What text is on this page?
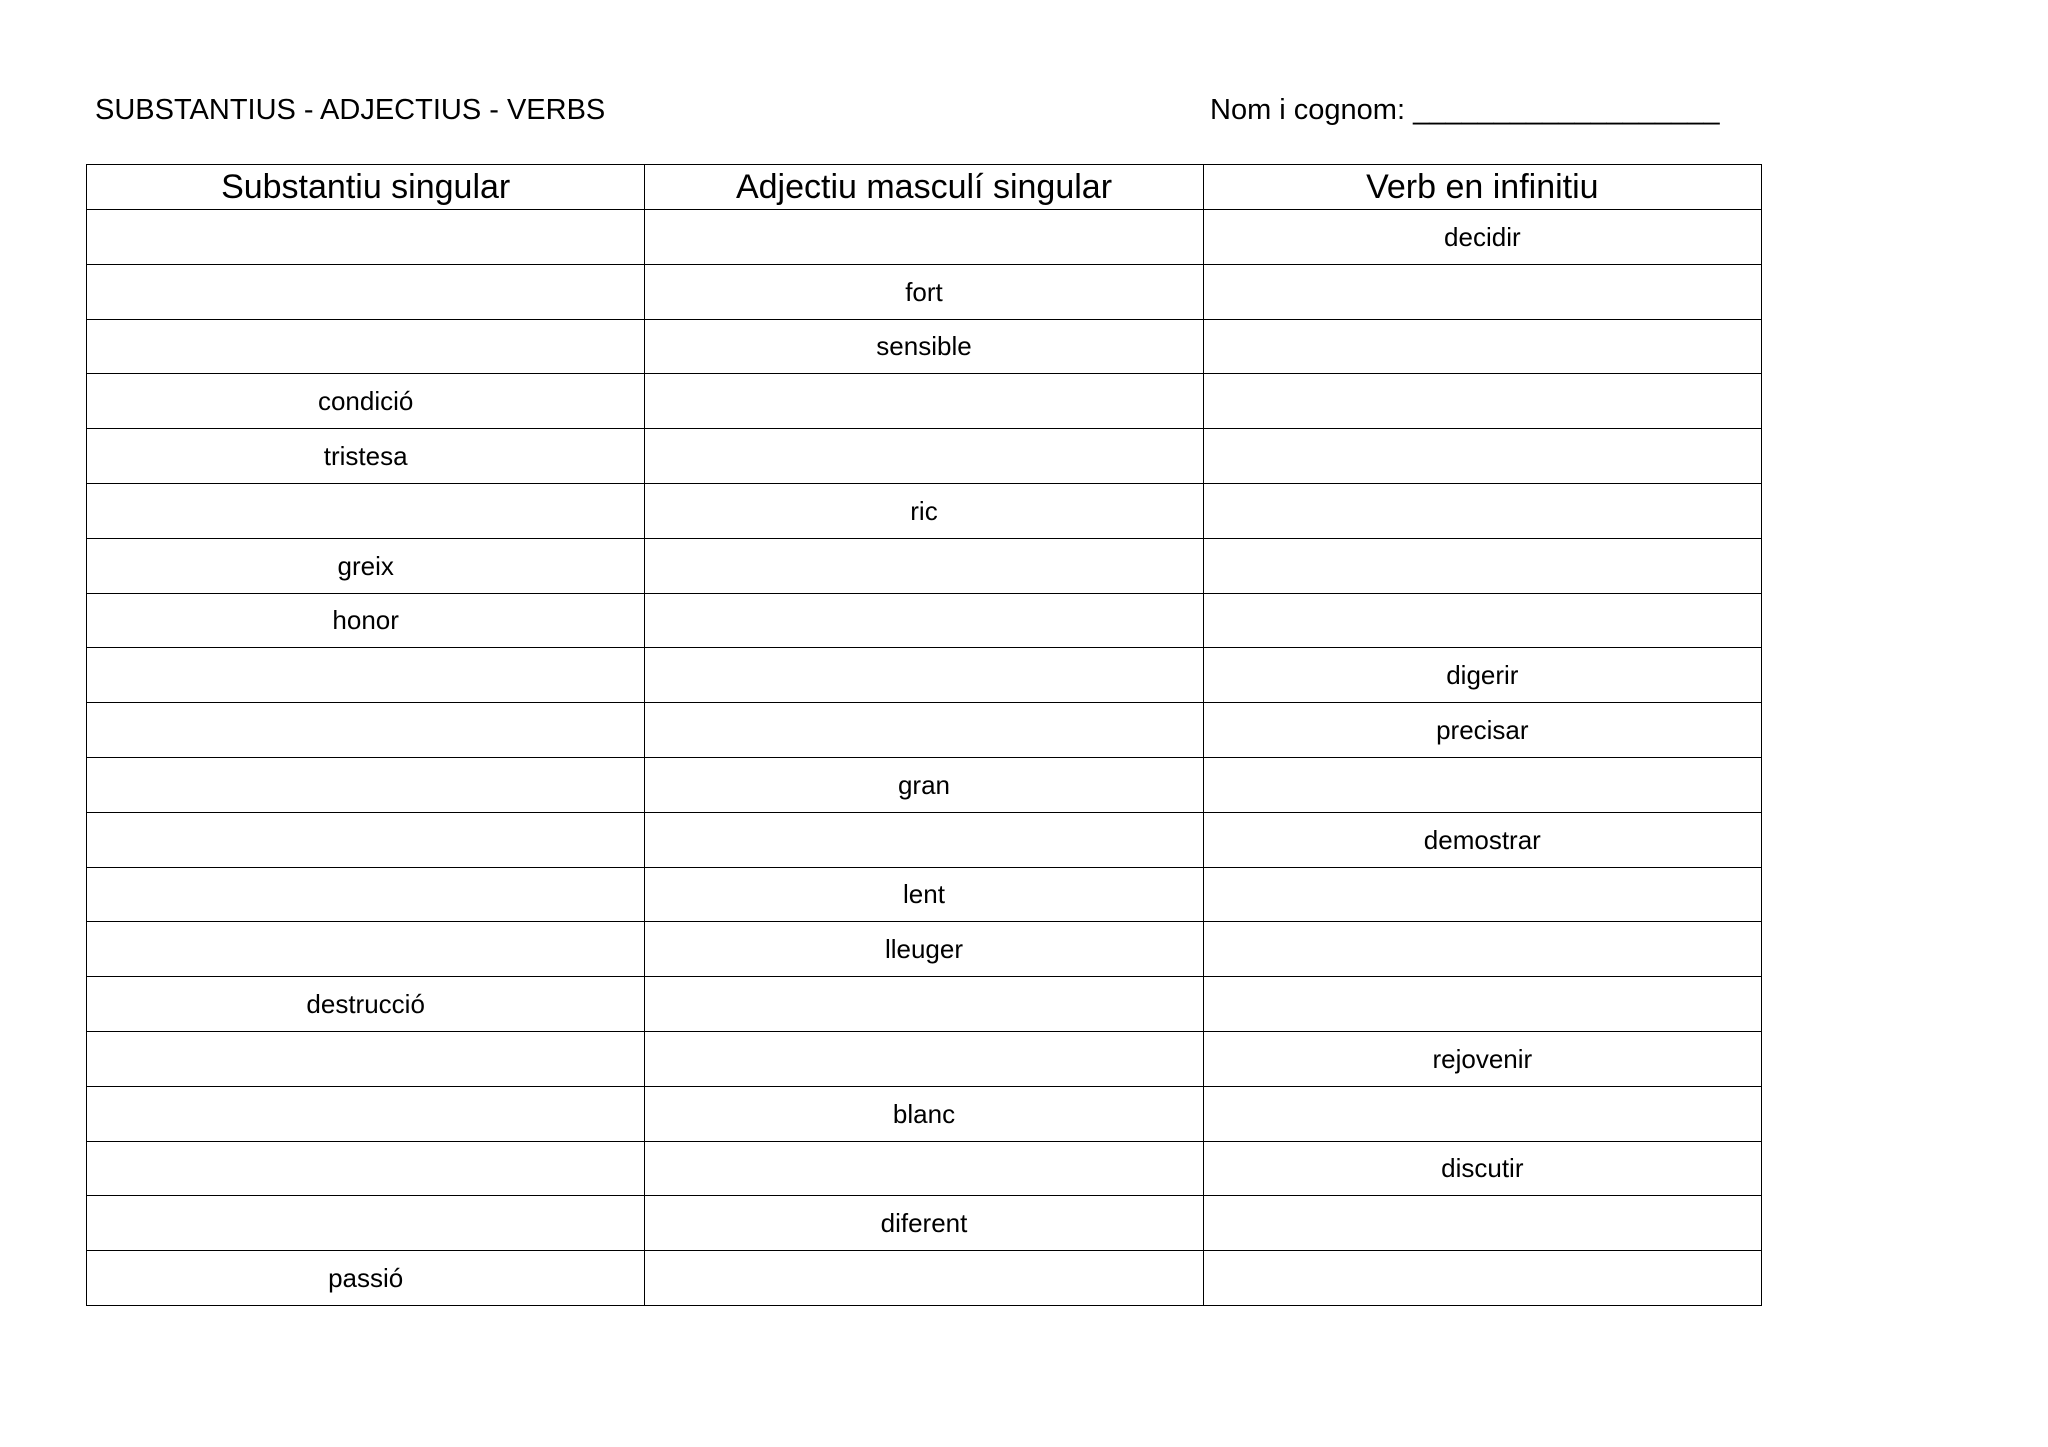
SUBSTANTIUS - ADJECTIUS - VERBS	Nom i cognom: ___________________
Substantiu singular	Adjectiu masculí singular	Verb en infinitiu
		decidir
	fort	
	sensible	
condició		
tristesa		
	ric	
greix		
honor		
		digerir
		precisar
	gran	
		demostrar
	lent	
	lleuger	
destrucció		
		rejovenir
	blanc	
		discutir
	diferent	
passió		
